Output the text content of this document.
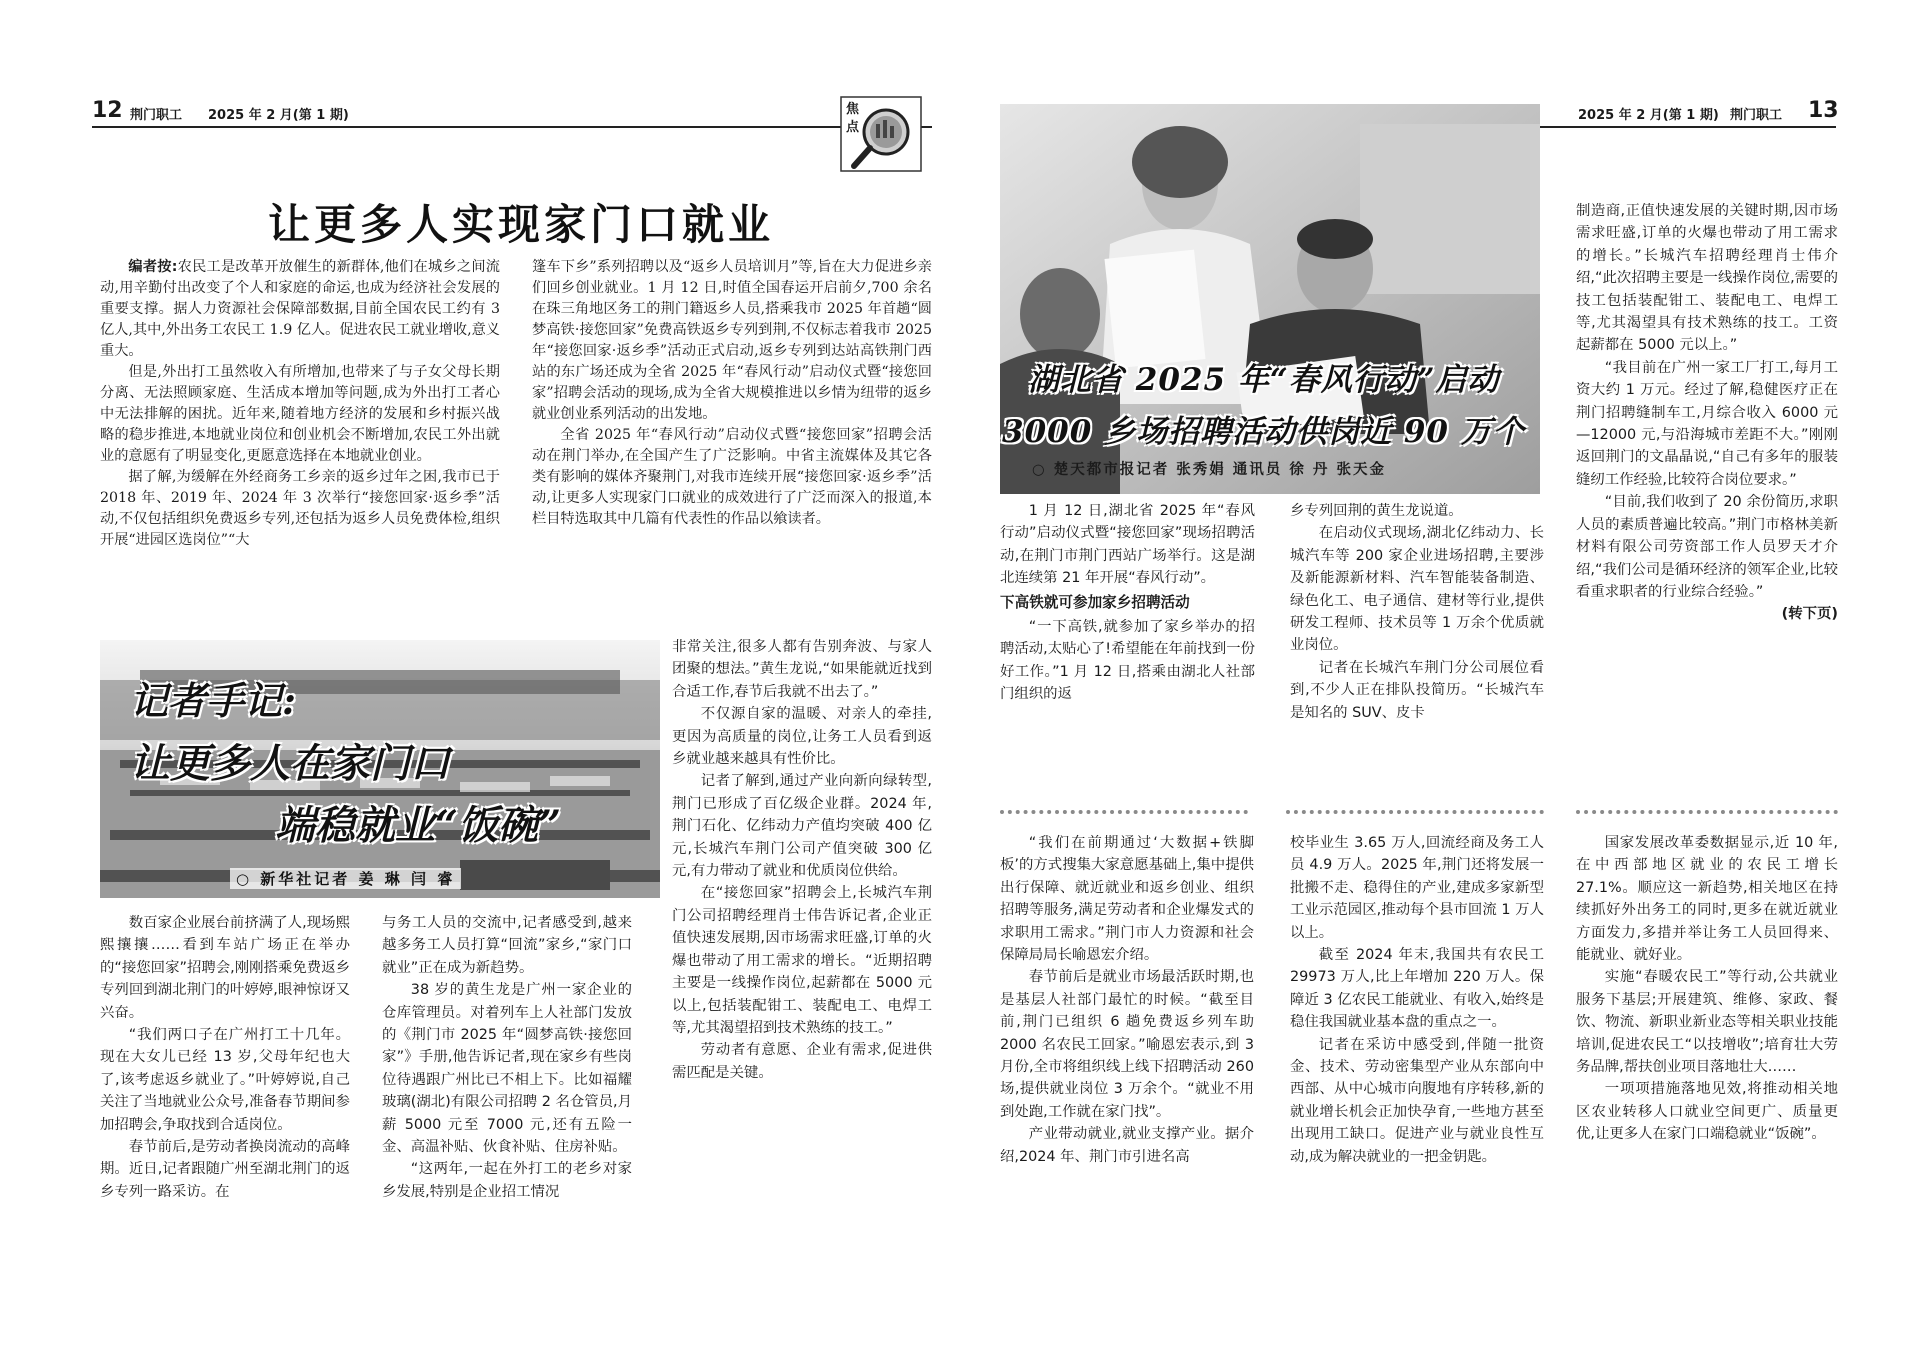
12 荆门职工 2025 年 2 月(第 1 期)	2025 年 2 月(第 1 期) 荆门职工 13
焦
点
让更多人实现家门口就业

编者按:农民工是改革开放催生的新群体,他们在城乡之间流动,用辛勤付出改变了个人和家庭的命运,也成为经济社会发展的重要支撑。据人力资源社会保障部数据,目前全国农民工约有 3 亿人,其中,外出务工农民工 1.9 亿人。促进农民工就业增收,意义重大。

但是,外出打工虽然收入有所增加,也带来了与子女父母长期分离、无法照顾家庭、生活成本增加等问题,成为外出打工者心中无法排解的困扰。近年来,随着地方经济的发展和乡村振兴战略的稳步推进,本地就业岗位和创业机会不断增加,农民工外出就业的意愿有了明显变化,更愿意选择在本地就业创业。

据了解,为缓解在外经商务工乡亲的返乡过年之困,我市已于 2018 年、2019 年、2024 年 3 次举行“接您回家·返乡季”活动,不仅包括组织免费返乡专列,还包括为返乡人员免费体检,组织开展“进园区选岗位”“大

篷车下乡”系列招聘以及“返乡人员培训月”等,旨在大力促进乡亲们回乡创业就业。1 月 12 日,时值全国春运开启前夕,700 余名在珠三角地区务工的荆门籍返乡人员,搭乘我市 2025 年首趟“圆梦高铁·接您回家”免费高铁返乡专列到荆,不仅标志着我市 2025 年“接您回家·返乡季”活动正式启动,返乡专列到达站高铁荆门西站的东广场还成为全省 2025 年“春风行动”启动仪式暨“接您回家”招聘会活动的现场,成为全省大规模推进以乡情为纽带的返乡就业创业系列活动的出发地。

全省 2025 年“春风行动”启动仪式暨“接您回家”招聘会活动在荆门举办,在全国产生了广泛影响。中省主流媒体及其它各类有影响的媒体齐聚荆门,对我市连续开展“接您回家·返乡季”活动,让更多人实现家门口就业的成效进行了广泛而深入的报道,本栏目特选取其中几篇有代表性的作品以飨读者。

记者手记:
让更多人在家门口
端稳就业“饭碗”
○ 新华社记者 姜 琳 闫 睿

数百家企业展台前挤满了人,现场熙熙攘攘……看到车站广场正在举办的“接您回家”招聘会,刚刚搭乘免费返乡专列回到湖北荆门的叶婷婷,眼神惊讶又兴奋。

“我们两口子在广州打工十几年。现在大女儿已经 13 岁,父母年纪也大了,该考虑返乡就业了。”叶婷婷说,自己关注了当地就业公众号,准备春节期间参加招聘会,争取找到合适岗位。

春节前后,是劳动者换岗流动的高峰期。近日,记者跟随广州至湖北荆门的返乡专列一路采访。在

与务工人员的交流中,记者感受到,越来越多务工人员打算“回流”家乡,“家门口就业”正在成为新趋势。

38 岁的黄生龙是广州一家企业的仓库管理员。对着列车上人社部门发放的《荆门市 2025 年“圆梦高铁·接您回家”》手册,他告诉记者,现在家乡有些岗位待遇跟广州比已不相上下。比如福耀玻璃(湖北)有限公司招聘 2 名仓管员,月薪 5000 元至 7000 元,还有五险一金、高温补贴、伙食补贴、住房补贴。

“这两年,一起在外打工的老乡对家乡发展,特别是企业招工情况

非常关注,很多人都有告别奔波、与家人团聚的想法。”黄生龙说,“如果能就近找到合适工作,春节后我就不出去了。”

不仅源自家的温暖、对亲人的牵挂,更因为高质量的岗位,让务工人员看到返乡就业越来越具有性价比。

记者了解到,通过产业向新向绿转型,荆门已形成了百亿级企业群。2024 年,荆门石化、亿纬动力产值均突破 400 亿元,长城汽车荆门公司产值突破 300 亿元,有力带动了就业和优质岗位供给。

在“接您回家”招聘会上,长城汽车荆门公司招聘经理肖士伟告诉记者,企业正值快速发展期,因市场需求旺盛,订单的火爆也带动了用工需求的增长。“近期招聘主要是一线操作岗位,起薪都在 5000 元以上,包括装配钳工、装配电工、电焊工等,尤其渴望招到技术熟练的技工。”

劳动者有意愿、企业有需求,促进供需匹配是关键。

湖北省 2025 年“春风行动”启动
3000 乡场招聘活动供岗近 90 万个
○ 楚天都市报记者 张秀娟 通讯员 徐 丹 张天金

1 月 12 日,湖北省 2025 年“春风行动”启动仪式暨“接您回家”现场招聘活动,在荆门市荆门西站广场举行。这是湖北连续第 21 年开展“春风行动”。

下高铁就可参加家乡招聘活动

“一下高铁,就参加了家乡举办的招聘活动,太贴心了!希望能在年前找到一份好工作。”1 月 12 日,搭乘由湖北人社部门组织的返

乡专列回荆的黄生龙说道。

在启动仪式现场,湖北亿纬动力、长城汽车等 200 家企业进场招聘,主要涉及新能源新材料、汽车智能装备制造、绿色化工、电子通信、建材等行业,提供研发工程师、技术员等 1 万余个优质就业岗位。

记者在长城汽车荆门分公司展位看到,不少人正在排队投简历。“长城汽车是知名的 SUV、皮卡

制造商,正值快速发展的关键时期,因市场需求旺盛,订单的火爆也带动了用工需求的增长。”长城汽车招聘经理肖士伟介绍,“此次招聘主要是一线操作岗位,需要的技工包括装配钳工、装配电工、电焊工等,尤其渴望具有技术熟练的技工。工资起薪都在 5000 元以上。”

“我目前在广州一家工厂打工,每月工资大约 1 万元。经过了解,稳健医疗正在荆门招聘缝制车工,月综合收入 6000 元—12000 元,与沿海城市差距不大。”刚刚返回荆门的文晶晶说,“自己有多年的服装缝纫工作经验,比较符合岗位要求。”

“目前,我们收到了 20 余份简历,求职人员的素质普遍比较高。”荆门市格林美新材料有限公司劳资部工作人员罗天才介绍,“我们公司是循环经济的领军企业,比较看重求职者的行业综合经验。”

(转下页)

“我们在前期通过‘大数据+铁脚板’的方式搜集大家意愿基础上,集中提供出行保障、就近就业和返乡创业、组织招聘等服务,满足劳动者和企业爆发式的求职用工需求。”荆门市人力资源和社会保障局局长喻恩宏介绍。

春节前后是就业市场最活跃时期,也是基层人社部门最忙的时候。“截至目前,荆门已组织 6 趟免费返乡列车助 2000 名农民工回家。”喻恩宏表示,到 3 月份,全市将组织线上线下招聘活动 260 场,提供就业岗位 3 万余个。“就业不用到处跑,工作就在家门找”。

产业带动就业,就业支撑产业。据介绍,2024 年、荆门市引进名高

校毕业生 3.65 万人,回流经商及务工人员 4.9 万人。2025 年,荆门还将发展一批搬不走、稳得住的产业,建成多家新型工业示范园区,推动每个县市回流 1 万人以上。

截至 2024 年末,我国共有农民工 29973 万人,比上年增加 220 万人。保障近 3 亿农民工能就业、有收入,始终是稳住我国就业基本盘的重点之一。

记者在采访中感受到,伴随一批资金、技术、劳动密集型产业从东部向中西部、从中心城市向腹地有序转移,新的就业增长机会正加快孕育,一些地方甚至出现用工缺口。促进产业与就业良性互动,成为解决就业的一把金钥匙。

国家发展改革委数据显示,近 10 年,在中西部地区就业的农民工增长 27.1%。顺应这一新趋势,相关地区在持续抓好外出务工的同时,更多在就近就业方面发力,多措并举让务工人员回得来、能就业、就好业。

实施“春暖农民工”等行动,公共就业服务下基层;开展建筑、维修、家政、餐饮、物流、新职业新业态等相关职业技能培训,促进农民工“以技增收”;培育壮大劳务品牌,帮扶创业项目落地壮大……

一项项措施落地见效,将推动相关地区农业转移人口就业空间更广、质量更优,让更多人在家门口端稳就业“饭碗”。
